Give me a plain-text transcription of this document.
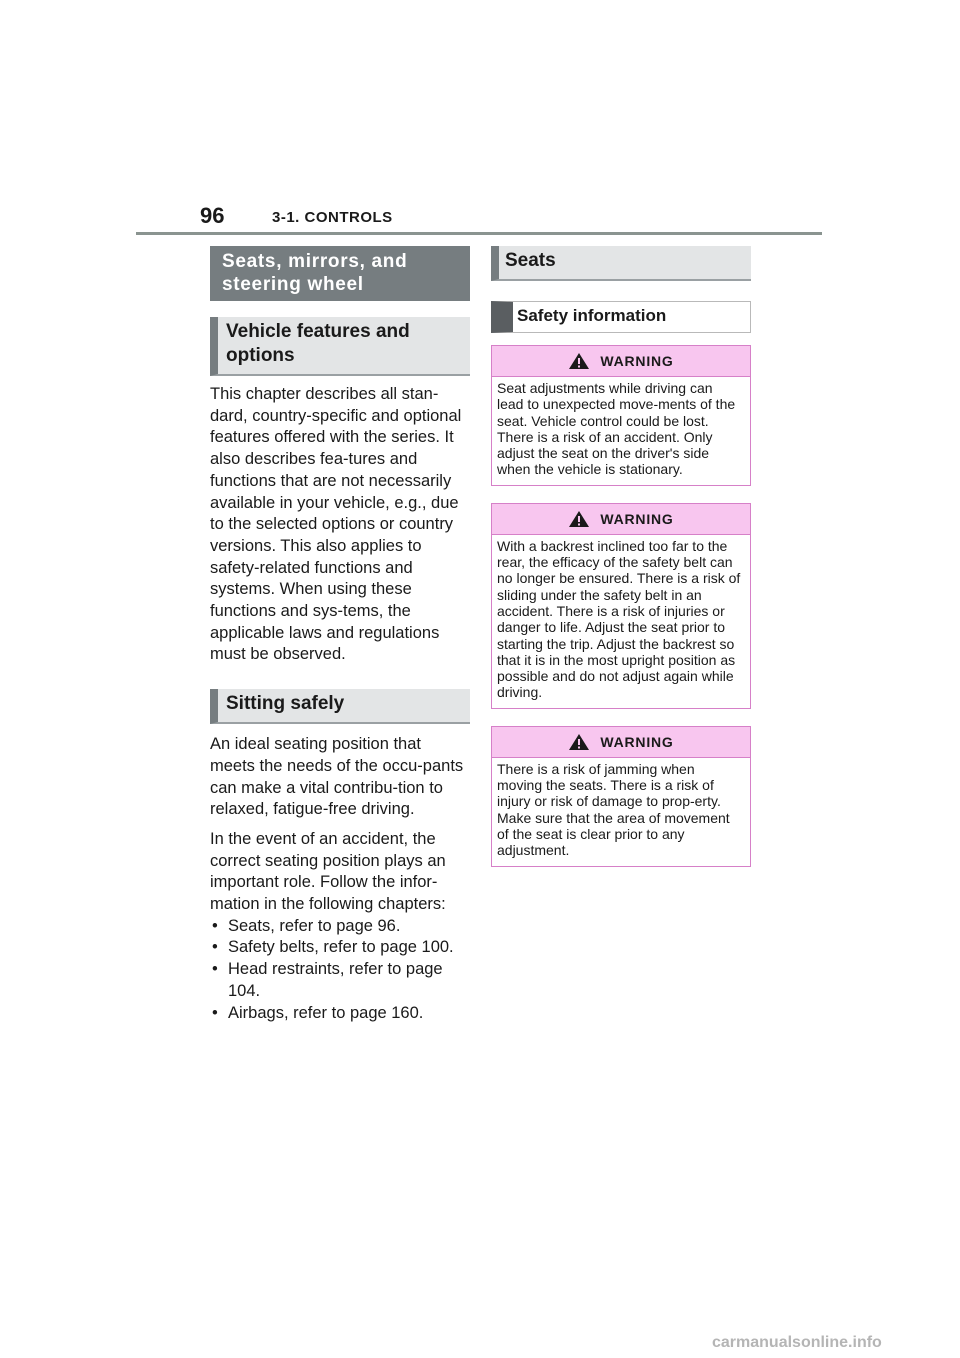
96	3-1. CONTROLS
Seats, mirrors, and steering wheel
Vehicle features and options

This chapter describes all stan-dard, country-specific and optional features offered with the series. It also describes fea-tures and functions that are not necessarily available in your vehicle, e.g., due to the selected options or country versions. This also applies to safety-related functions and systems. When using these functions and sys-tems, the applicable laws and regulations must be observed.

Sitting safely

An ideal seating position that meets the needs of the occu-pants can make a vital contribu-tion to relaxed, fatigue-free driving.

In the event of an accident, the correct seating position plays an important role. Follow the infor-mation in the following chapters:

• Seats, refer to page 96.
• Safety belts, refer to page 100.
• Head restraints, refer to page 104.
• Airbags, refer to page 160.
Seats
Safety information
WARNING

Seat adjustments while driving can lead to unexpected move-ments of the seat. Vehicle control could be lost. There is a risk of an accident. Only adjust the seat on the driver's side when the vehicle is stationary.

WARNING

With a backrest inclined too far to the rear, the efficacy of the safety belt can no longer be ensured. There is a risk of sliding under the safety belt in an accident. There is a risk of injuries or danger to life. Adjust the seat prior to starting the trip. Adjust the backrest so that it is in the most upright position as possible and do not adjust again while driving.

WARNING

There is a risk of jamming when moving the seats. There is a risk of injury or risk of damage to prop-erty. Make sure that the area of movement of the seat is clear prior to any adjustment.

carmanualsonline.info
